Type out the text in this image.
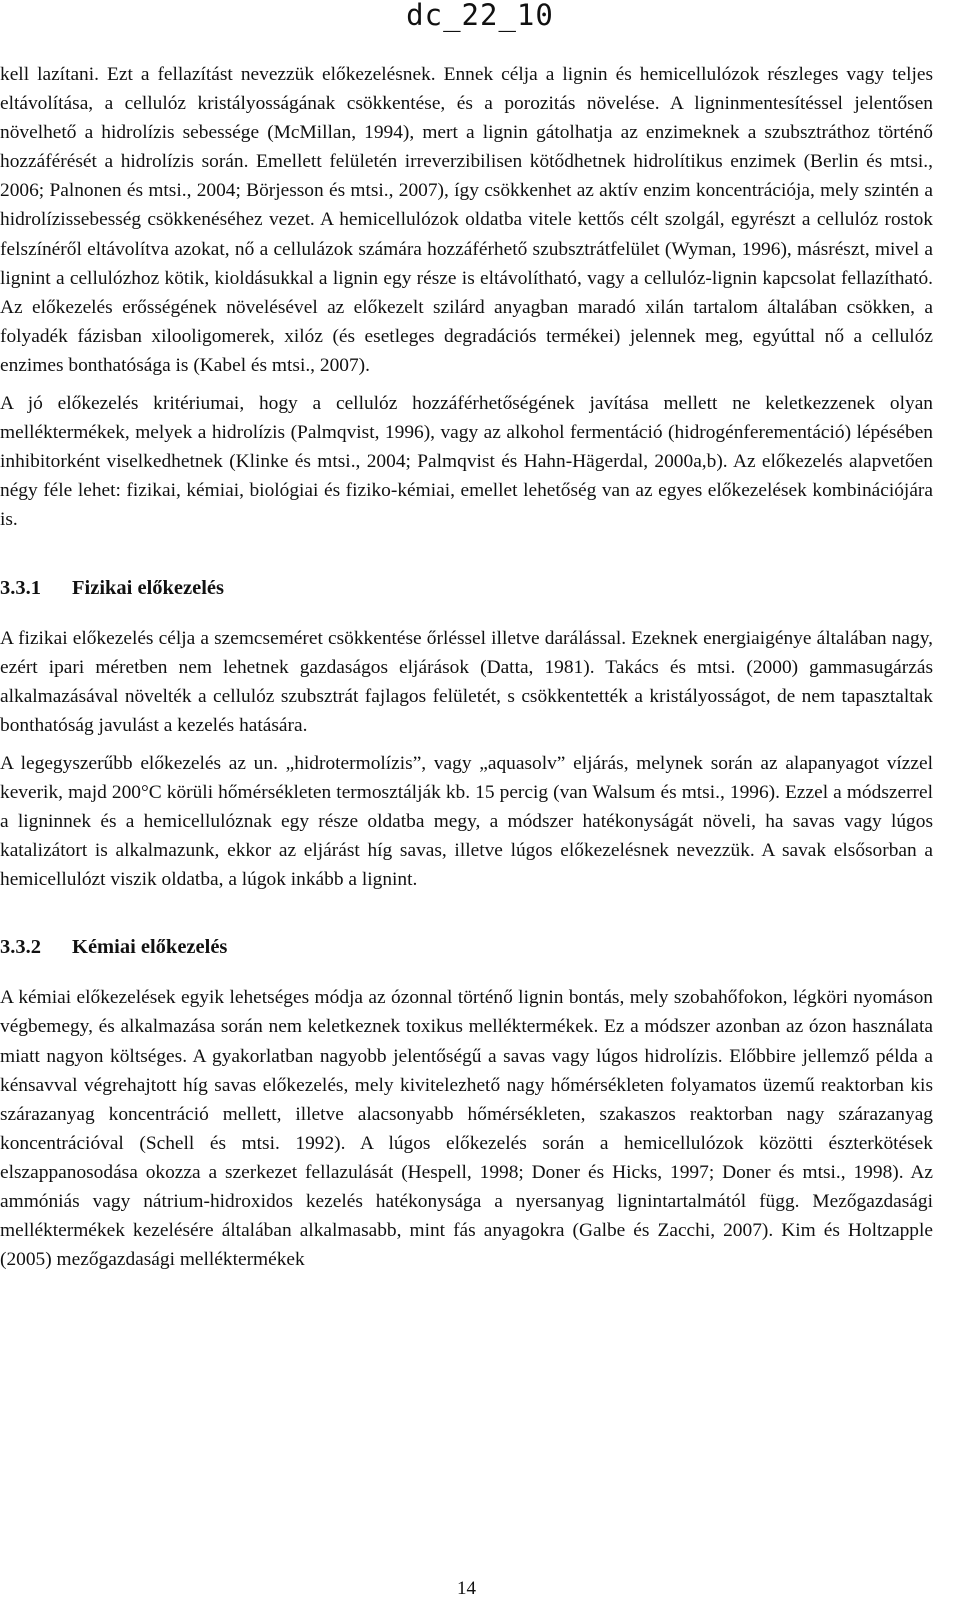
dc_22_10

kell lazítani. Ezt a fellazítást nevezzük előkezelésnek. Ennek célja a lignin és hemicellulózok részleges vagy teljes eltávolítása, a cellulóz kristályosságának csökkentése, és a porozitás növelése. A ligninmentesítéssel jelentősen növelhető a hidrolízis sebessége (McMillan, 1994), mert a lignin gátolhatja az enzimeknek a szubsztráthoz történő hozzáférését a hidrolízis során. Emellett felületén irreverzibilisen kötődhetnek hidrolítikus enzimek (Berlin és mtsi., 2006; Palnonen és mtsi., 2004; Börjesson és mtsi., 2007), így csökkenhet az aktív enzim koncentrációja, mely szintén a hidrolízissebesség csökkenéséhez vezet. A hemicellulózok oldatba vitele kettős célt szolgál, egyrészt a cellulóz rostok felszínéről eltávolítva azokat, nő a cellulázok számára hozzáférhető szubsztrátfelület (Wyman, 1996), másrészt, mivel a lignint a cellulózhoz kötik, kioldásukkal a lignin egy része is eltávolítható, vagy a cellulóz-lignin kapcsolat fellazítható. Az előkezelés erősségének növelésével az előkezelt szilárd anyagban maradó xilán tartalom általában csökken, a folyadék fázisban xilooligomerek, xilóz (és esetleges degradációs termékei) jelennek meg, egyúttal nő a cellulóz enzimes bonthatósága is (Kabel és mtsi., 2007).

A jó előkezelés kritériumai, hogy a cellulóz hozzáférhetőségének javítása mellett ne keletkezzenek olyan melléktermékek, melyek a hidrolízis (Palmqvist, 1996), vagy az alkohol fermentáció (hidrogénferementáció) lépésében inhibitorként viselkedhetnek (Klinke és mtsi., 2004; Palmqvist és Hahn-Hägerdal, 2000a,b). Az előkezelés alapvetően négy féle lehet: fizikai, kémiai, biológiai és fiziko-kémiai, emellet lehetőség van az egyes előkezelések kombinációjára is.

3.3.1 Fizikai előkezelés

A fizikai előkezelés célja a szemcseméret csökkentése őrléssel illetve darálással. Ezeknek energiaigénye általában nagy, ezért ipari méretben nem lehetnek gazdaságos eljárások (Datta, 1981). Takács és mtsi. (2000) gammasugárzás alkalmazásával növelték a cellulóz szubsztrát fajlagos felületét, s csökkentették a kristályosságot, de nem tapasztaltak bonthatóság javulást a kezelés hatására.

A legegyszerűbb előkezelés az un. „hidrotermolízis”, vagy „aquasolv” eljárás, melynek során az alapanyagot vízzel keverik, majd 200°C körüli hőmérsékleten termosztálják kb. 15 percig (van Walsum és mtsi., 1996). Ezzel a módszerrel a ligninnek és a hemicellulóznak egy része oldatba megy, a módszer hatékonyságát növeli, ha savas vagy lúgos katalizátort is alkalmazunk, ekkor az eljárást híg savas, illetve lúgos előkezelésnek nevezzük. A savak elsősorban a hemicellulózt viszik oldatba, a lúgok inkább a lignint.

3.3.2 Kémiai előkezelés

A kémiai előkezelések egyik lehetséges módja az ózonnal történő lignin bontás, mely szobahőfokon, légköri nyomáson végbemegy, és alkalmazása során nem keletkeznek toxikus melléktermékek. Ez a módszer azonban az ózon használata miatt nagyon költséges. A gyakorlatban nagyobb jelentőségű a savas vagy lúgos hidrolízis. Előbbire jellemző példa a kénsavval végrehajtott híg savas előkezelés, mely kivitelezhető nagy hőmérsékleten folyamatos üzemű reaktorban kis szárazanyag koncentráció mellett, illetve alacsonyabb hőmérsékleten, szakaszos reaktorban nagy szárazanyag koncentrációval (Schell és mtsi. 1992). A lúgos előkezelés során a hemicellulózok közötti észterkötések elszappanosodása okozza a szerkezet fellazulását (Hespell, 1998; Doner és Hicks, 1997; Doner és mtsi., 1998). Az ammóniás vagy nátrium-hidroxidos kezelés hatékonysága a nyersanyag lignintartalmától függ. Mezőgazdasági melléktermékek kezelésére általában alkalmasabb, mint fás anyagokra (Galbe és Zacchi, 2007). Kim és Holtzapple (2005) mezőgazdasági melléktermékek

14
